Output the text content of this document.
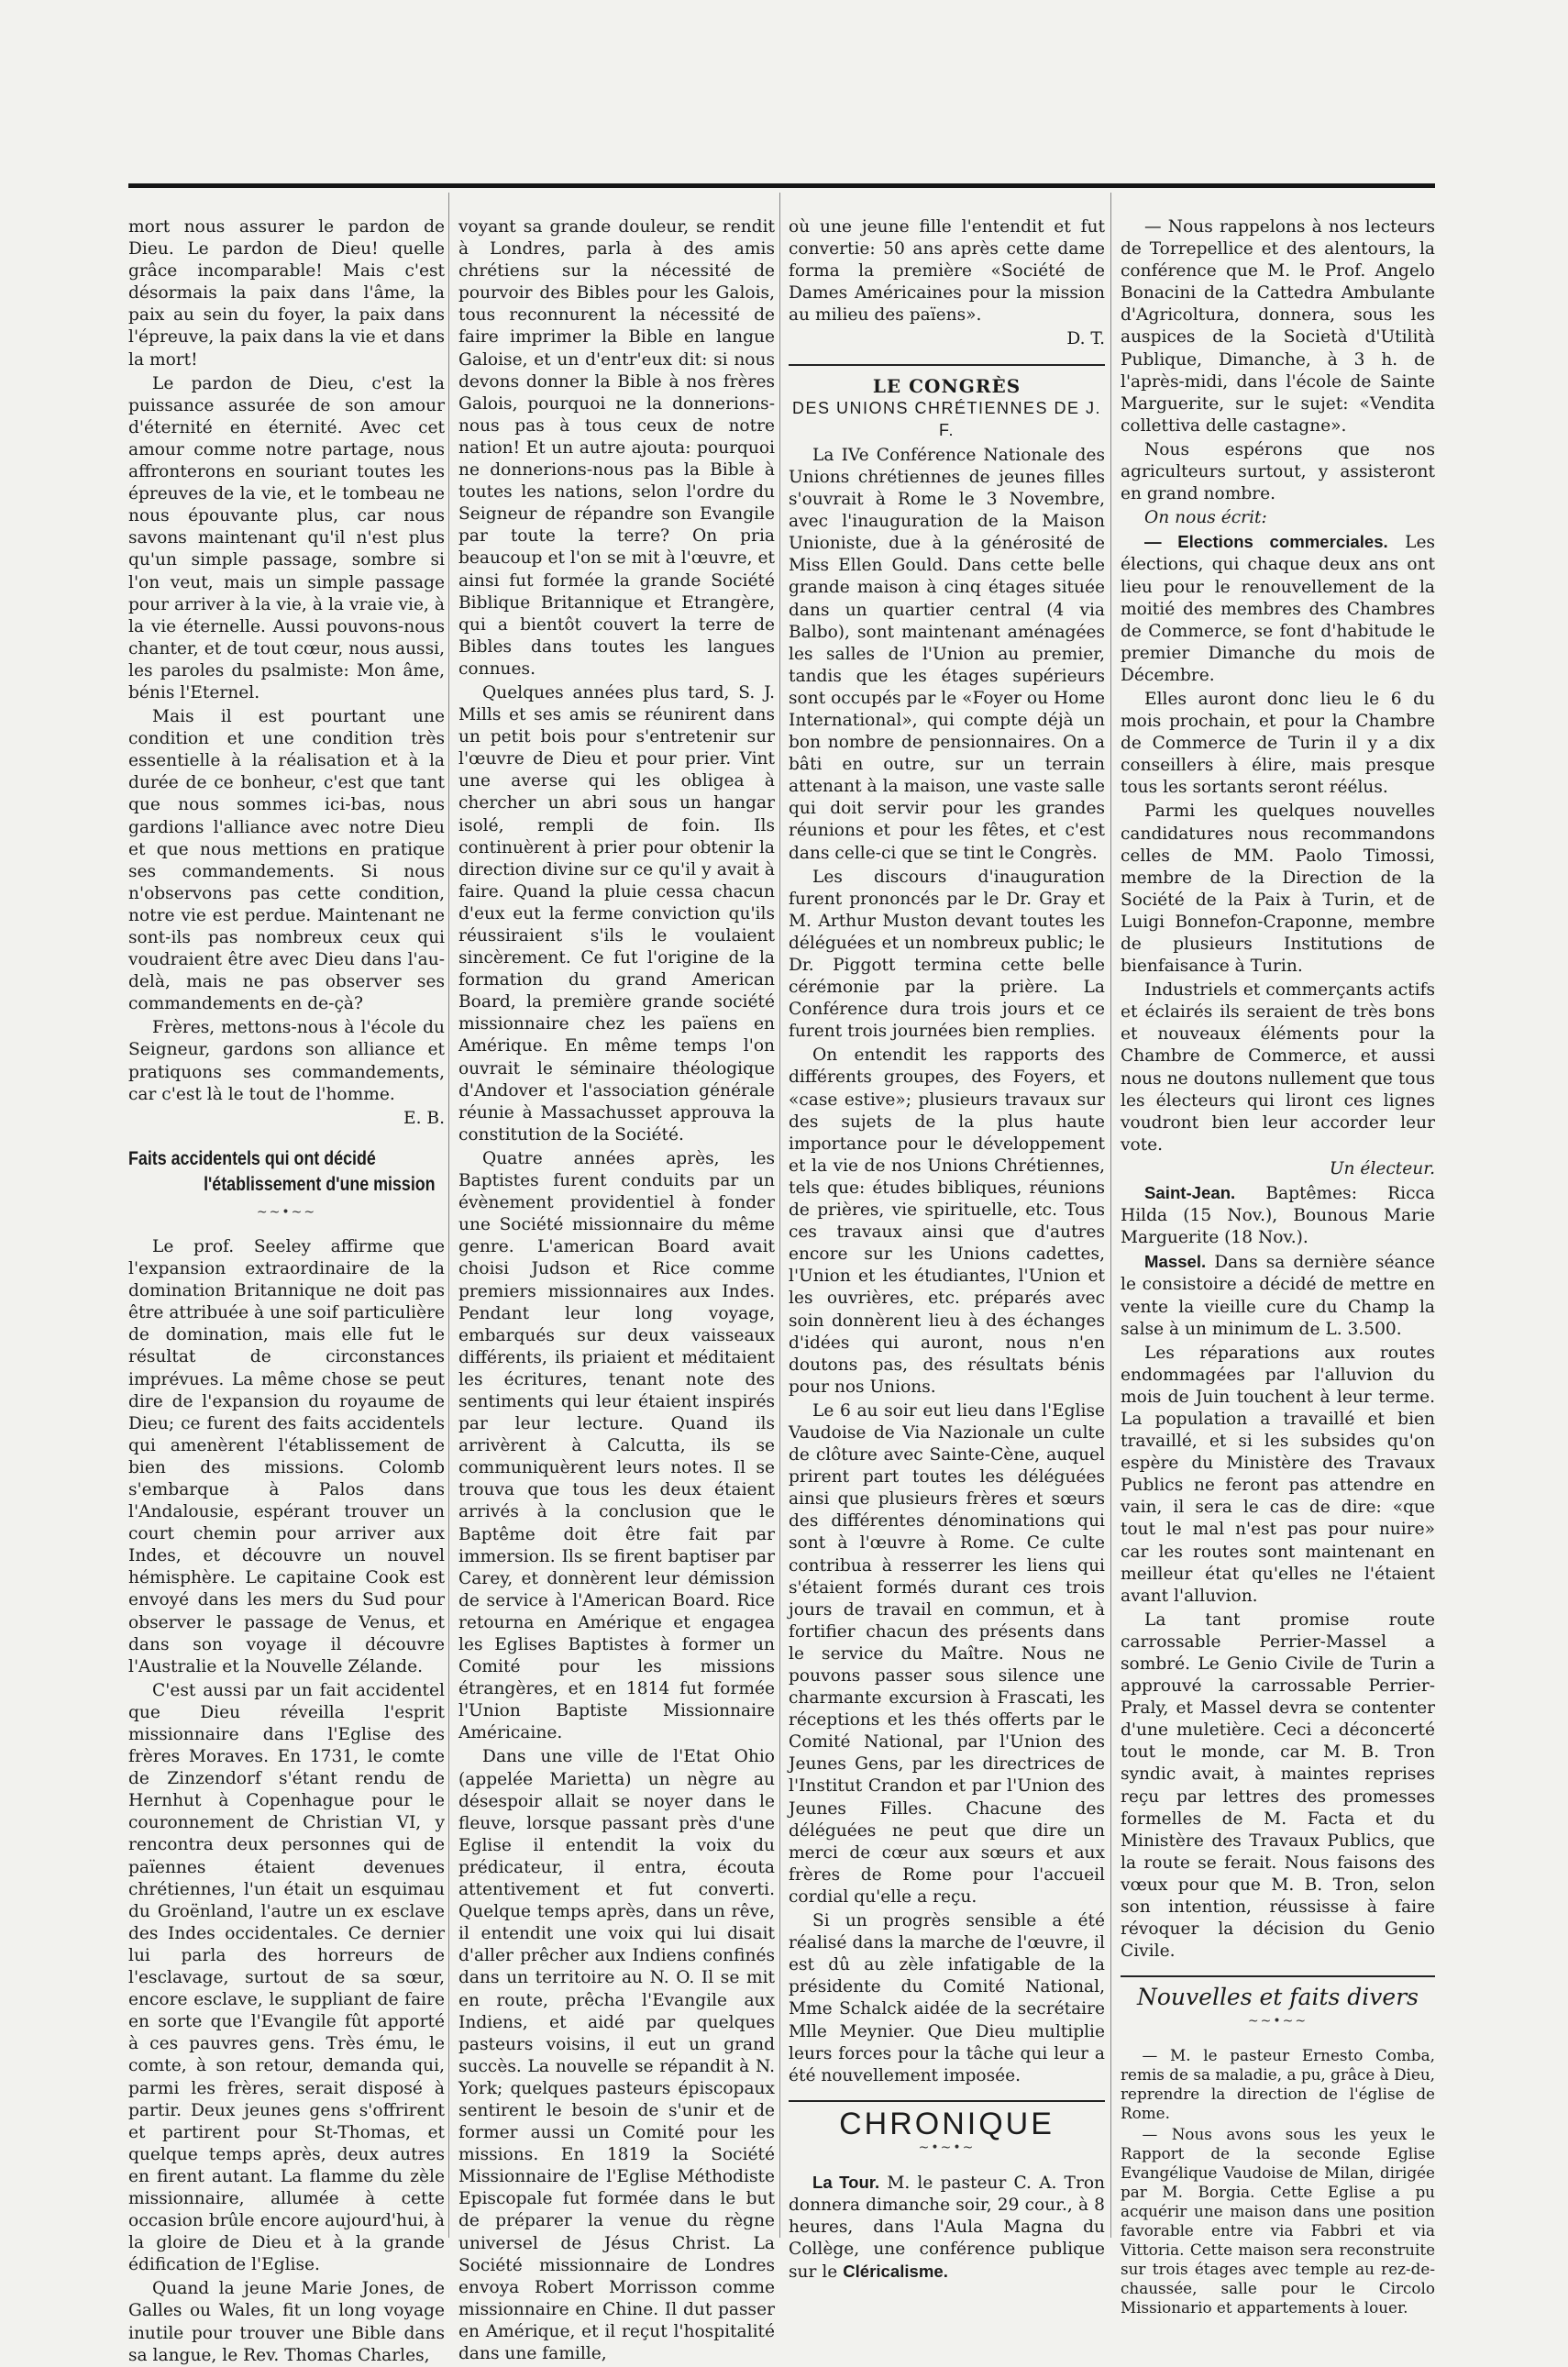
mort nous assurer le pardon de Dieu. Le pardon de Dieu! quelle grâce incomparable! Mais c'est désormais la paix dans l'âme, la paix au sein du foyer, la paix dans l'épreuve, la paix dans la vie et dans la mort!

Le pardon de Dieu, c'est la puissance assurée de son amour d'éternité en éternité. Avec cet amour comme notre partage, nous affronterons en souriant toutes les épreuves de la vie, et le tombeau ne nous épouvante plus, car nous savons maintenant qu'il n'est plus qu'un simple passage, sombre si l'on veut, mais un simple passage pour arriver à la vie, à la vraie vie, à la vie éternelle. Aussi pouvons-nous chanter, et de tout cœur, nous aussi, les paroles du psalmiste: Mon âme, bénis l'Eternel.

Mais il est pourtant une condition et une condition très essentielle à la réalisation et à la durée de ce bonheur, c'est que tant que nous sommes ici-bas, nous gardions l'alliance avec notre Dieu et que nous mettions en pratique ses commandements. Si nous n'observons pas cette condition, notre vie est perdue. Maintenant ne sont-ils pas nombreux ceux qui voudraient être avec Dieu dans l'au-delà, mais ne pas observer ses commandements en de-çà?

Frères, mettons-nous à l'école du Seigneur, gardons son alliance et pratiquons ses commandements, car c'est là le tout de l'homme.

E. B.

Faits accidentels qui ont décidé
l'établissement d'une mission
~~•~~

Le prof. Seeley affirme que l'expansion extraordinaire de la domination Britannique ne doit pas être attribuée à une soif particulière de domination, mais elle fut le résultat de circonstances imprévues. La même chose se peut dire de l'expansion du royaume de Dieu; ce furent des faits accidentels qui amenèrent l'établissement de bien des missions. Colomb s'embarque à Palos dans l'Andalousie, espérant trouver un court chemin pour arriver aux Indes, et découvre un nouvel hémisphère. Le capitaine Cook est envoyé dans les mers du Sud pour observer le passage de Venus, et dans son voyage il découvre l'Australie et la Nouvelle Zélande.

C'est aussi par un fait accidentel que Dieu réveilla l'esprit missionnaire dans l'Eglise des frères Moraves. En 1731, le comte de Zinzendorf s'étant rendu de Hernhut à Copenhague pour le couronnement de Christian VI, y rencontra deux personnes qui de païennes étaient devenues chrétiennes, l'un était un esquimau du Groënland, l'autre un ex esclave des Indes occidentales. Ce dernier lui parla des horreurs de l'esclavage, surtout de sa sœur, encore esclave, le suppliant de faire en sorte que l'Evangile fût apporté à ces pauvres gens. Très ému, le comte, à son retour, demanda qui, parmi les frères, serait disposé à partir. Deux jeunes gens s'offrirent et partirent pour St-Thomas, et quelque temps après, deux autres en firent autant. La flamme du zèle missionnaire, allumée à cette occasion brûle encore aujourd'hui, à la gloire de Dieu et à la grande édification de l'Eglise.

Quand la jeune Marie Jones, de Galles ou Wales, fit un long voyage inutile pour trouver une Bible dans sa langue, le Rev. Thomas Charles,

voyant sa grande douleur, se rendit à Londres, parla à des amis chrétiens sur la nécessité de pourvoir des Bibles pour les Galois, tous reconnurent la nécessité de faire imprimer la Bible en langue Galoise, et un d'entr'eux dit: si nous devons donner la Bible à nos frères Galois, pourquoi ne la donnerions-nous pas à tous ceux de notre nation! Et un autre ajouta: pourquoi ne donnerions-nous pas la Bible à toutes les nations, selon l'ordre du Seigneur de répandre son Evangile par toute la terre? On pria beaucoup et l'on se mit à l'œuvre, et ainsi fut formée la grande Société Biblique Britannique et Etrangère, qui a bientôt couvert la terre de Bibles dans toutes les langues connues.

Quelques années plus tard, S. J. Mills et ses amis se réunirent dans un petit bois pour s'entretenir sur l'œuvre de Dieu et pour prier. Vint une averse qui les obligea à chercher un abri sous un hangar isolé, rempli de foin. Ils continuèrent à prier pour obtenir la direction divine sur ce qu'il y avait à faire. Quand la pluie cessa chacun d'eux eut la ferme conviction qu'ils réussiraient s'ils le voulaient sincèrement. Ce fut l'origine de la formation du grand American Board, la première grande société missionnaire chez les païens en Amérique. En même temps l'on ouvrait le séminaire théologique d'Andover et l'association générale réunie à Massachusset approuva la constitution de la Société.

Quatre années après, les Baptistes furent conduits par un évènement providentiel à fonder une Société missionnaire du même genre. L'american Board avait choisi Judson et Rice comme premiers missionnaires aux Indes. Pendant leur long voyage, embarqués sur deux vaisseaux différents, ils priaient et méditaient les écritures, tenant note des sentiments qui leur étaient inspirés par leur lecture. Quand ils arrivèrent à Calcutta, ils se communiquèrent leurs notes. Il se trouva que tous les deux étaient arrivés à la conclusion que le Baptême doit être fait par immersion. Ils se firent baptiser par Carey, et donnèrent leur démission de service à l'American Board. Rice retourna en Amérique et engagea les Eglises Baptistes à former un Comité pour les missions étrangères, et en 1814 fut formée l'Union Baptiste Missionnaire Américaine.

Dans une ville de l'Etat Ohio (appelée Marietta) un nègre au désespoir allait se noyer dans le fleuve, lorsque passant près d'une Eglise il entendit la voix du prédicateur, il entra, écouta attentivement et fut converti. Quelque temps après, dans un rêve, il entendit une voix qui lui disait d'aller prêcher aux Indiens confinés dans un territoire au N. O. Il se mit en route, prêcha l'Evangile aux Indiens, et aidé par quelques pasteurs voisins, il eut un grand succès. La nouvelle se répandit à N. York; quelques pasteurs épiscopaux sentirent le besoin de s'unir et de former aussi un Comité pour les missions. En 1819 la Société Missionnaire de l'Eglise Méthodiste Episcopale fut formée dans le but de préparer la venue du règne universel de Jésus Christ. La Société missionnaire de Londres envoya Robert Morrisson comme missionnaire en Chine. Il dut passer en Amérique, et il reçut l'hospitalité dans une famille,

où une jeune fille l'entendit et fut convertie: 50 ans après cette dame forma la première «Société de Dames Américaines pour la mission au milieu des païens».

D. T.

LE CONGRÈS
DES UNIONS CHRÉTIENNES DE J. F.

La IVe Conférence Nationale des Unions chrétiennes de jeunes filles s'ouvrait à Rome le 3 Novembre, avec l'inauguration de la Maison Unioniste, due à la générosité de Miss Ellen Gould. Dans cette belle grande maison à cinq étages située dans un quartier central (4 via Balbo), sont maintenant aménagées les salles de l'Union au premier, tandis que les étages supérieurs sont occupés par le «Foyer ou Home International», qui compte déjà un bon nombre de pensionnaires. On a bâti en outre, sur un terrain attenant à la maison, une vaste salle qui doit servir pour les grandes réunions et pour les fêtes, et c'est dans celle-ci que se tint le Congrès.

Les discours d'inauguration furent prononcés par le Dr. Gray et M. Arthur Muston devant toutes les déléguées et un nombreux public; le Dr. Piggott termina cette belle cérémonie par la prière. La Conférence dura trois jours et ce furent trois journées bien remplies.

On entendit les rapports des différents groupes, des Foyers, et «case estive»; plusieurs travaux sur des sujets de la plus haute importance pour le développement et la vie de nos Unions Chrétiennes, tels que: études bibliques, réunions de prières, vie spirituelle, etc. Tous ces travaux ainsi que d'autres encore sur les Unions cadettes, l'Union et les étudiantes, l'Union et les ouvrières, etc. préparés avec soin donnèrent lieu à des échanges d'idées qui auront, nous n'en doutons pas, des résultats bénis pour nos Unions.

Le 6 au soir eut lieu dans l'Eglise Vaudoise de Via Nazionale un culte de clôture avec Sainte-Cène, auquel prirent part toutes les déléguées ainsi que plusieurs frères et sœurs des différentes dénominations qui sont à l'œuvre à Rome. Ce culte contribua à resserrer les liens qui s'étaient formés durant ces trois jours de travail en commun, et à fortifier chacun des présents dans le service du Maître. Nous ne pouvons passer sous silence une charmante excursion à Frascati, les réceptions et les thés offerts par le Comité National, par l'Union des Jeunes Gens, par les directrices de l'Institut Crandon et par l'Union des Jeunes Filles. Chacune des déléguées ne peut que dire un merci de cœur aux sœurs et aux frères de Rome pour l'accueil cordial qu'elle a reçu.

Si un progrès sensible a été réalisé dans la marche de l'œuvre, il est dû au zèle infatigable de la présidente du Comité National, Mme Schalck aidée de la secrétaire Mlle Meynier. Que Dieu multiplie leurs forces pour la tâche qui leur a été nouvellement imposée.

CHRONIQUE
~•~•~

La Tour. M. le pasteur C. A. Tron donnera dimanche soir, 29 cour., à 8 heures, dans l'Aula Magna du Collège, une conférence publique sur le Cléricalisme.

— Nous rappelons à nos lecteurs de Torrepellice et des alentours, la conférence que M. le Prof. Angelo Bonacini de la Cattedra Ambulante d'Agricoltura, donnera, sous les auspices de la Società d'Utilità Publique, Dimanche, à 3 h. de l'après-midi, dans l'école de Sainte Marguerite, sur le sujet: «Vendita collettiva delle castagne».

Nous espérons que nos agriculteurs surtout, y assisteront en grand nombre.

On nous écrit:

— Elections commerciales. Les élections, qui chaque deux ans ont lieu pour le renouvellement de la moitié des membres des Chambres de Commerce, se font d'habitude le premier Dimanche du mois de Décembre.

Elles auront donc lieu le 6 du mois prochain, et pour la Chambre de Commerce de Turin il y a dix conseillers à élire, mais presque tous les sortants seront réélus.

Parmi les quelques nouvelles candidatures nous recommandons celles de MM. Paolo Timossi, membre de la Direction de la Société de la Paix à Turin, et de Luigi Bonnefon-Craponne, membre de plusieurs Institutions de bienfaisance à Turin.

Industriels et commerçants actifs et éclairés ils seraient de très bons et nouveaux éléments pour la Chambre de Commerce, et aussi nous ne doutons nullement que tous les électeurs qui liront ces lignes voudront bien leur accorder leur vote.

Un électeur.

Saint-Jean. Baptêmes: Ricca Hilda (15 Nov.), Bounous Marie Marguerite (18 Nov.).

Massel. Dans sa dernière séance le consistoire a décidé de mettre en vente la vieille cure du Champ la salse à un minimum de L. 3.500.

Les réparations aux routes endommagées par l'alluvion du mois de Juin touchent à leur terme. La population a travaillé et bien travaillé, et si les subsides qu'on espère du Ministère des Travaux Publics ne feront pas attendre en vain, il sera le cas de dire: «que tout le mal n'est pas pour nuire» car les routes sont maintenant en meilleur état qu'elles ne l'étaient avant l'alluvion.

La tant promise route carrossable Perrier-Massel a sombré. Le Genio Civile de Turin a approuvé la carrossable Perrier-Praly, et Massel devra se contenter d'une muletière. Ceci a déconcerté tout le monde, car M. B. Tron syndic avait, à maintes reprises reçu par lettres des promesses formelles de M. Facta et du Ministère des Travaux Publics, que la route se ferait. Nous faisons des vœux pour que M. B. Tron, selon son intention, réussisse à faire révoquer la décision du Genio Civile.

Nouvelles et faits divers
~~•~~

— M. le pasteur Ernesto Comba, remis de sa maladie, a pu, grâce à Dieu, reprendre la direction de l'église de Rome.

— Nous avons sous les yeux le Rapport de la seconde Eglise Evangélique Vaudoise de Milan, dirigée par M. Borgia. Cette Eglise a pu acquérir une maison dans une position favorable entre via Fabbri et via Vittoria. Cette maison sera reconstruite sur trois étages avec temple au rez-de-chaussée, salle pour le Circolo Missionario et appartements à louer.
